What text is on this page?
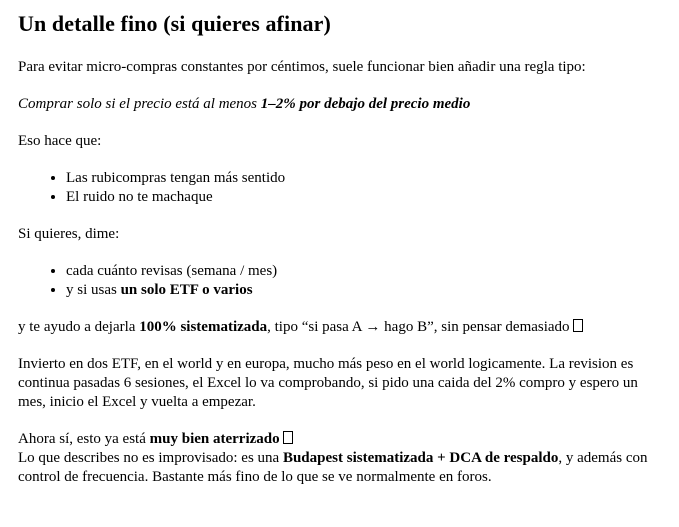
Un detalle fino (si quieres afinar)

Para evitar micro-compras constantes por céntimos, suele funcionar bien añadir una regla tipo:

Comprar solo si el precio está al menos 1–2% por debajo del precio medio

Eso hace que:

• Las rubicompras tengan más sentido
• El ruido no te machaque

Si quieres, dime:

• cada cuánto revisas (semana / mes)
• y si usas un solo ETF o varios

y te ayudo a dejarla 100% sistematizada, tipo “si pasa A → hago B”, sin pensar demasiado

Invierto en dos ETF, en el world y en europa, mucho más peso en el world logicamente. La revision es continua pasadas 6 sesiones, el Excel lo va comprobando, si pido una caida del 2% compro y espero un mes, inicio el Excel y vuelta a empezar.

Ahora sí, esto ya está muy bien aterrizado
Lo que describes no es improvisado: es una Budapest sistematizada + DCA de respaldo, y además con control de frecuencia. Bastante más fino de lo que se ve normalmente en foros.
